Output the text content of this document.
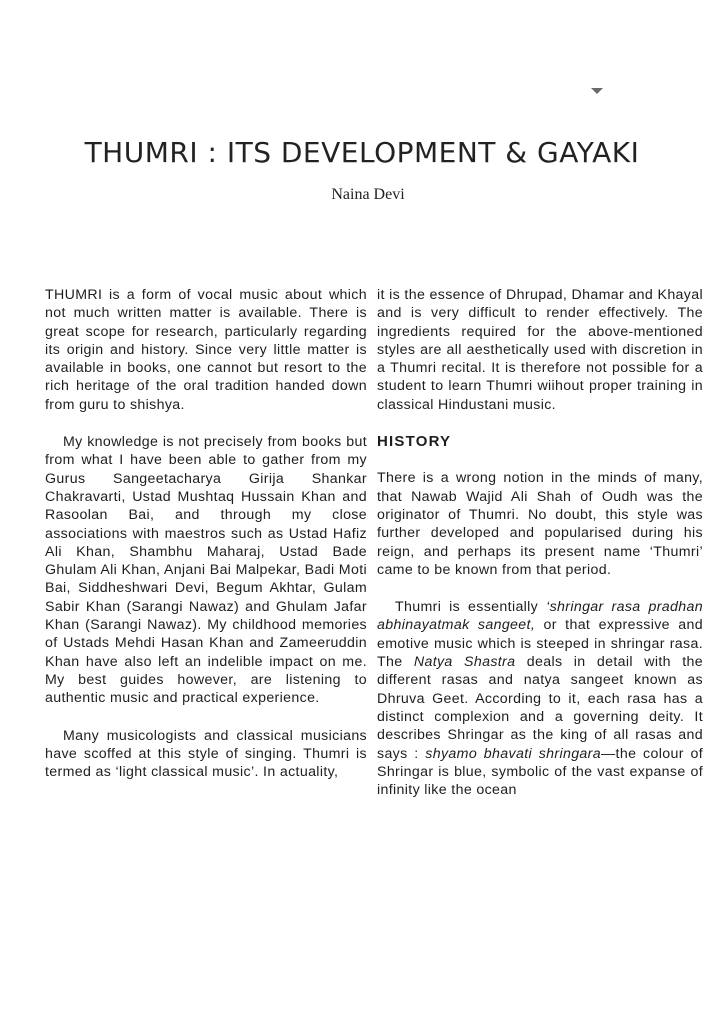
THUMRI : ITS DEVELOPMENT & GAYAKI
Naina Devi

THUMRI is a form of vocal music about which not much written matter is available. There is great scope for research, particularly regarding its origin and history. Since very little matter is available in books, one cannot but resort to the rich heritage of the oral tradition handed down from guru to shishya.

My knowledge is not precisely from books but from what I have been able to gather from my Gurus Sangeetacharya Girija Shankar Chakravarti, Ustad Mushtaq Hussain Khan and Rasoolan Bai, and through my close associations with maestros such as Ustad Hafiz Ali Khan, Shambhu Maharaj, Ustad Bade Ghulam Ali Khan, Anjani Bai Malpekar, Badi Moti Bai, Siddheshwari Devi, Begum Akhtar, Gulam Sabir Khan (Sarangi Nawaz) and Ghulam Jafar Khan (Sarangi Nawaz). My childhood memories of Ustads Mehdi Hasan Khan and Zameeruddin Khan have also left an indelible impact on me. My best guides however, are listening to authentic music and practical experience.

Many musicologists and classical musicians have scoffed at this style of singing. Thumri is termed as ‘light classical music’. In actuality,

it is the essence of Dhrupad, Dhamar and Khayal and is very difficult to render effectively. The ingredients required for the above-mentioned styles are all aesthetically used with discretion in a Thumri recital. It is therefore not possible for a student to learn Thumri wiihout proper training in classical Hindustani music.

HISTORY

There is a wrong notion in the minds of many, that Nawab Wajid Ali Shah of Oudh was the originator of Thumri. No doubt, this style was further developed and popularised during his reign, and perhaps its present name ‘Thumri’ came to be known from that period.

Thumri is essentially ‘shringar rasa pradhan abhinayatmak sangeet, or that expressive and emotive music which is steeped in shringar rasa. The Natya Shastra deals in detail with the different rasas and natya sangeet known as Dhruva Geet. According to it, each rasa has a distinct complexion and a governing deity. It describes Shringar as the king of all rasas and says : shyamo bhavati shringara—the colour of Shringar is blue, symbolic of the vast expanse of infinity like the ocean
